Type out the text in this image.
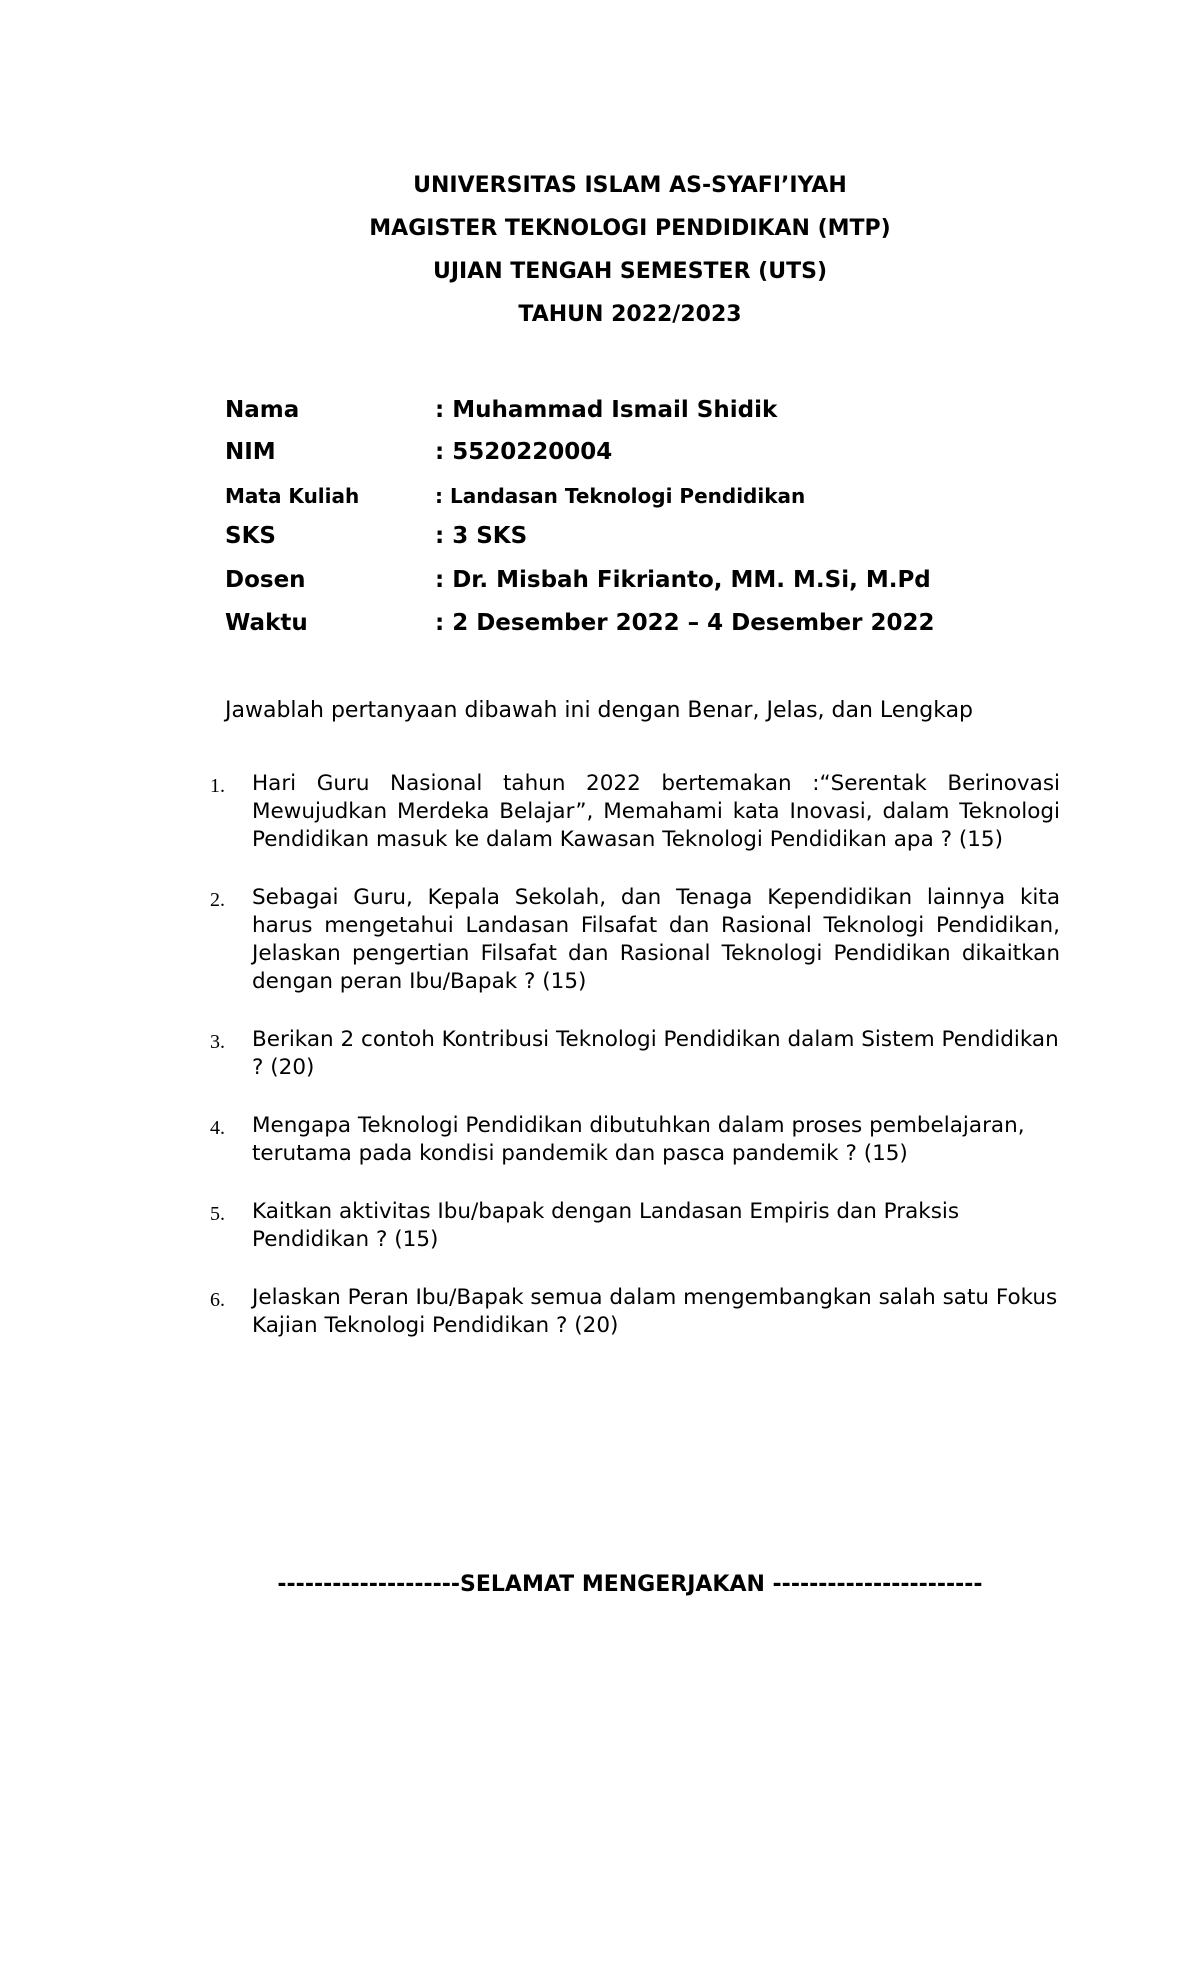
UNIVERSITAS ISLAM AS-SYAFI’IYAH
MAGISTER TEKNOLOGI PENDIDIKAN (MTP)
UJIAN TENGAH SEMESTER (UTS)
TAHUN 2022/2023
Nama	: Muhammad Ismail Shidik
NIM	: 5520220004
Mata Kuliah	: Landasan Teknologi Pendidikan
SKS	: 3 SKS
Dosen	: Dr. Misbah Fikrianto, MM. M.Si, M.Pd
Waktu	: 2 Desember 2022 – 4 Desember 2022
Jawablah pertanyaan dibawah ini dengan Benar, Jelas, dan Lengkap
1. Hari Guru Nasional tahun 2022 bertemakan :“Serentak Berinovasi Mewujudkan Merdeka Belajar”, Memahami kata Inovasi, dalam Teknologi Pendidikan masuk ke dalam Kawasan Teknologi Pendidikan apa ? (15)
2. Sebagai Guru, Kepala Sekolah, dan Tenaga Kependidikan lainnya kita harus mengetahui Landasan Filsafat dan Rasional Teknologi Pendidikan, Jelaskan pengertian Filsafat dan Rasional Teknologi Pendidikan dikaitkan dengan peran Ibu/Bapak ? (15)
3. Berikan 2 contoh Kontribusi Teknologi Pendidikan dalam Sistem Pendidikan ? (20)
4. Mengapa Teknologi Pendidikan dibutuhkan dalam proses pembelajaran, terutama pada kondisi pandemik dan pasca pandemik ? (15)
5. Kaitkan aktivitas Ibu/bapak dengan Landasan Empiris dan Praksis Pendidikan ? (15)
6. Jelaskan Peran Ibu/Bapak semua dalam mengembangkan salah satu Fokus Kajian Teknologi Pendidikan ? (20)
--------------------SELAMAT MENGERJAKAN -----------------------
